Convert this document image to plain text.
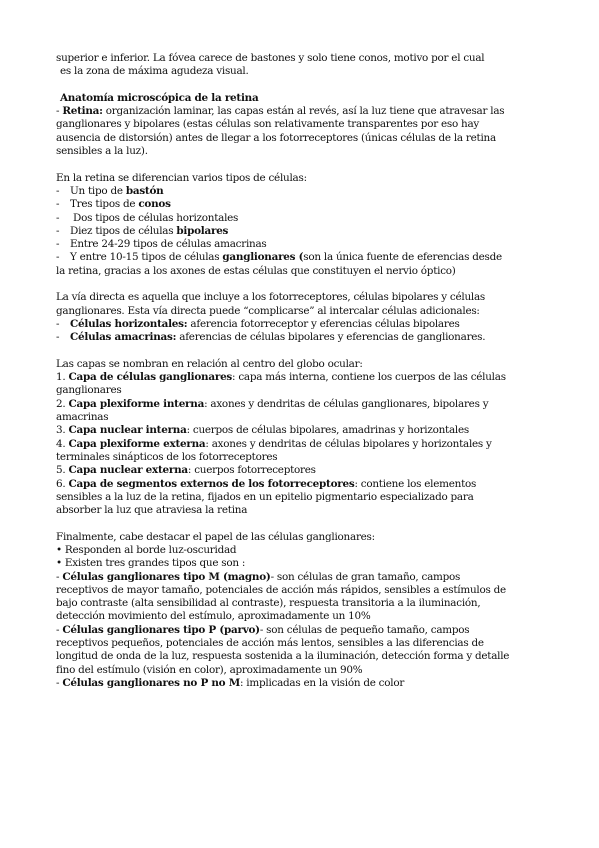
superior e inferior. La fóvea carece de bastones y solo tiene conos, motivo por el cual
es la zona de máxima agudeza visual.
Anatomía microscópica de la retina
- Retina: organización laminar, las capas están al revés, así la luz tiene que atravesar las
ganglionares y bipolares (estas células son relativamente transparentes por eso hay
ausencia de distorsión) antes de llegar a los fotorreceptores (únicas células de la retina
sensibles a la luz).
En la retina se diferencian varios tipos de células:
- Un tipo de bastón
- Tres tipos de conos
- Dos tipos de células horizontales
- Diez tipos de células bipolares
- Entre 24-29 tipos de células amacrinas
- Y entre 10-15 tipos de células ganglionares (son la única fuente de eferencias desde
la retina, gracias a los axones de estas células que constituyen el nervio óptico)
La vía directa es aquella que incluye a los fotorreceptores, células bipolares y células
ganglionares. Esta vía directa puede “complicarse” al intercalar células adicionales:
- Células horizontales: aferencia fotorreceptor y eferencias células bipolares
- Células amacrinas: aferencias de células bipolares y eferencias de ganglionares.
Las capas se nombran en relación al centro del globo ocular:
1. Capa de células ganglionares: capa más interna, contiene los cuerpos de las células
ganglionares
2. Capa plexiforme interna: axones y dendritas de células ganglionares, bipolares y
amacrinas
3. Capa nuclear interna: cuerpos de células bipolares, amadrinas y horizontales
4. Capa plexiforme externa: axones y dendritas de células bipolares y horizontales y
terminales sinápticos de los fotorreceptores
5. Capa nuclear externa: cuerpos fotorreceptores
6. Capa de segmentos externos de los fotorreceptores: contiene los elementos
sensibles a la luz de la retina, fijados en un epitelio pigmentario especializado para
absorber la luz que atraviesa la retina
Finalmente, cabe destacar el papel de las células ganglionares:
• Responden al borde luz-oscuridad
• Existen tres grandes tipos que son :
- Células ganglionares tipo M (magno)- son células de gran tamaño, campos
receptivos de mayor tamaño, potenciales de acción más rápidos, sensibles a estímulos de
bajo contraste (alta sensibilidad al contraste), respuesta transitoria a la iluminación,
detección movimiento del estímulo, aproximadamente un 10%
- Células ganglionares tipo P (parvo)- son células de pequeño tamaño, campos
receptivos pequeños, potenciales de acción más lentos, sensibles a las diferencias de
longitud de onda de la luz, respuesta sostenida a la iluminación, detección forma y detalle
fino del estímulo (visión en color), aproximadamente un 90%
- Células ganglionares no P no M: implicadas en la visión de color
